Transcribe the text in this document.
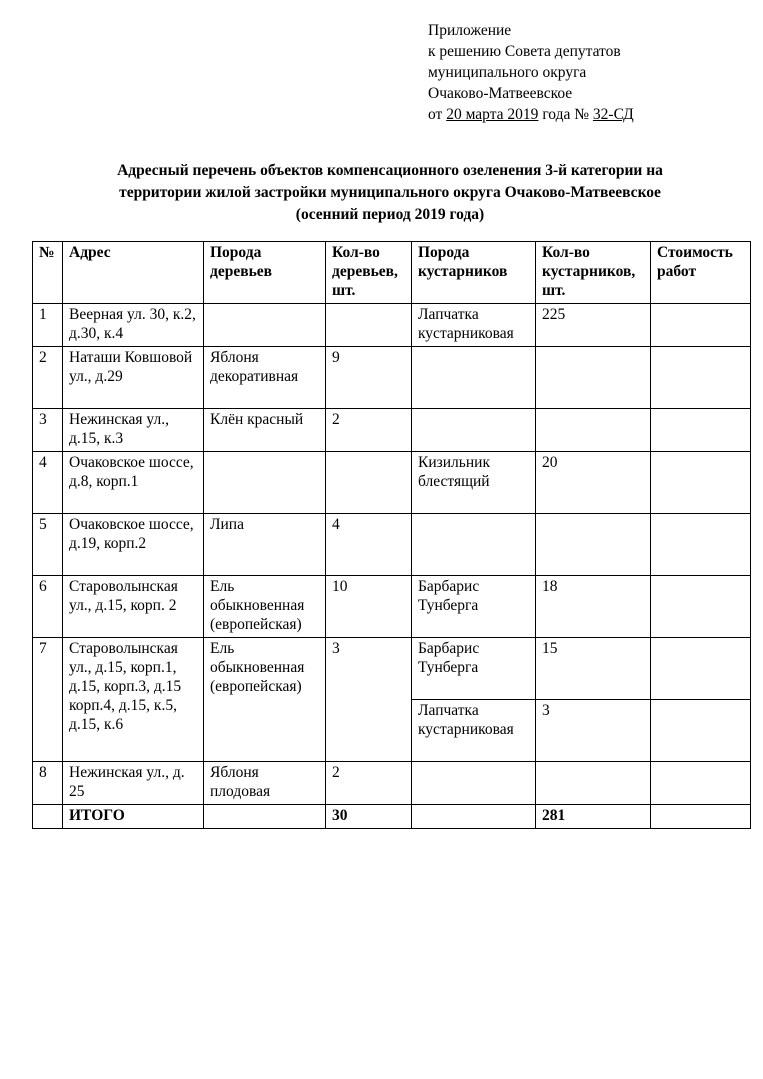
Приложение
к решению Совета депутатов
муниципального округа
Очаково-Матвеевское
от 20 марта 2019 года № 32-СД
Адресный перечень объектов компенсационного озеленения 3-й категории на
территории жилой застройки муниципального округа Очаково-Матвеевское
(осенний период 2019 года)
№	Адрес	Порода деревьев	Кол-во деревьев, шт.	Порода кустарников	Кол-во кустарников, шт.	Стоимость работ
1	Веерная ул. 30, к.2, д.30, к.4			Лапчатка кустарниковая	225	
2	Наташи Ковшовой ул., д.29	Яблоня декоративная	9			
3	Нежинская ул., д.15, к.3	Клён красный	2			
4	Очаковское шоссе, д.8, корп.1			Кизильник блестящий	20	
5	Очаковское шоссе, д.19, корп.2	Липа	4			
6	Староволынская ул., д.15, корп. 2	Ель обыкновенная (европейская)	10	Барбарис Тунберга	18	
7	Староволынская ул., д.15, корп.1, д.15, корп.3, д.15 корп.4, д.15, к.5, д.15, к.6	Ель обыкновенная (европейская)	3	Барбарис Тунберга	15	
				Лапчатка кустарниковая	3	
8	Нежинская ул., д. 25	Яблоня плодовая	2			
	ИТОГО		30		281	
